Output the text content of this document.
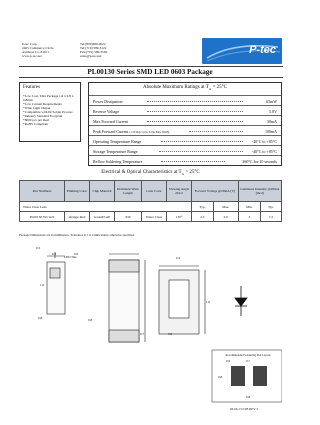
P-tec Corp.
2465 Commerce Circle
Alamosa Co. 81101
www.p-tec.net
Tel:(800)480-0022
Tel:(719) 589-3122
Fax:(719) 589-3592
sales@p-tec.net	P-tec
PL00130 Series SMD LED 0603 Package
Features
*Low Cost, Thin Package 1.6 x 0.8 x 0.8mm
*Low Current Requirements
*Wide Light Output
*Compatible with IR Solder Process
*Industry Standard Footprint
*8000 pcs per Reel
*RoHS Compliant
Absolute Maximum Ratings at $T_A = 25^\circ C$
Power Dissipation	65mW
Reverse Voltage	5.0V
Max Forward Current	30mA
Peak Forward Current (1/10 Duty Cycle, 0.1ms Pulse Width)	100mA
Operating Temperature Range	-40°C to +85°C
Storage Temperature Range	-40°C to +85°C
Reflow Soldering Temperature	260°C for 10 seconds
Electrical & Optical Characteristics at $T_A = 25^\circ C$
Part Numbers	Emitting Color	Chip Material	Dominant Wave Length	Lens Color	Viewing Angle 2θ1/2	Forward Voltage @20mA (V)		Luminous Intensity @20mA (mcd)	
Water Clear Lens						Typ.	Max.	Min.	Typ.
PL00130-WCA22	Orange-Red	GaAsP/GaP	630	Water Clear	130°	2.2	2.6	3	7.2
Package Dimensions are in millimeters. Tolerance is ± 0.15mm unless otherwise specified.
LED Die
0.3
0.5
1.6
0.8	0.8
0.6
0.5
1.0
0.9
0.7
Recommended Soldering Pad Layout
0.7
0.6
0.8
0.8
06-06-13 LSB REV 3
